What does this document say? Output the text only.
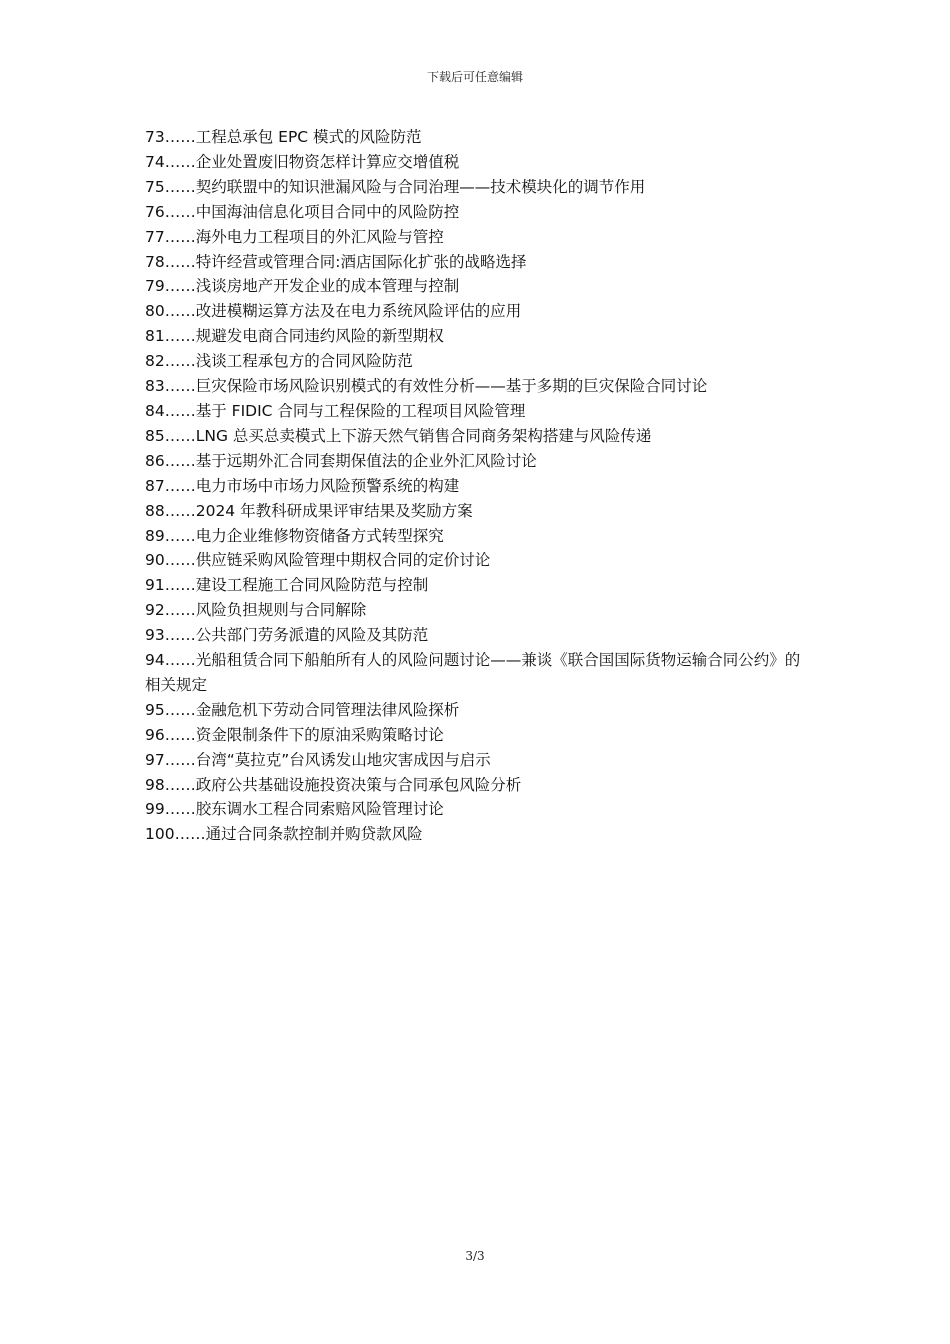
下载后可任意编辑
73……工程总承包 EPC 模式的风险防范
74……企业处置废旧物资怎样计算应交增值税
75……契约联盟中的知识泄漏风险与合同治理——技术模块化的调节作用
76……中国海油信息化项目合同中的风险防控
77……海外电力工程项目的外汇风险与管控
78……特许经营或管理合同:酒店国际化扩张的战略选择
79……浅谈房地产开发企业的成本管理与控制
80……改进模糊运算方法及在电力系统风险评估的应用
81……规避发电商合同违约风险的新型期权
82……浅谈工程承包方的合同风险防范
83……巨灾保险市场风险识别模式的有效性分析——基于多期的巨灾保险合同讨论
84……基于 FIDIC 合同与工程保险的工程项目风险管理
85……LNG 总买总卖模式上下游天然气销售合同商务架构搭建与风险传递
86……基于远期外汇合同套期保值法的企业外汇风险讨论
87……电力市场中市场力风险预警系统的构建
88……2024 年教科研成果评审结果及奖励方案
89……电力企业维修物资储备方式转型探究
90……供应链采购风险管理中期权合同的定价讨论
91……建设工程施工合同风险防范与控制
92……风险负担规则与合同解除
93……公共部门劳务派遣的风险及其防范
94……光船租赁合同下船舶所有人的风险问题讨论——兼谈《联合国国际货物运输合同公约》的相关规定
95……金融危机下劳动合同管理法律风险探析
96……资金限制条件下的原油采购策略讨论
97……台湾“莫拉克”台风诱发山地灾害成因与启示
98……政府公共基础设施投资决策与合同承包风险分析
99……胶东调水工程合同索赔风险管理讨论
100……通过合同条款控制并购贷款风险
3/3
